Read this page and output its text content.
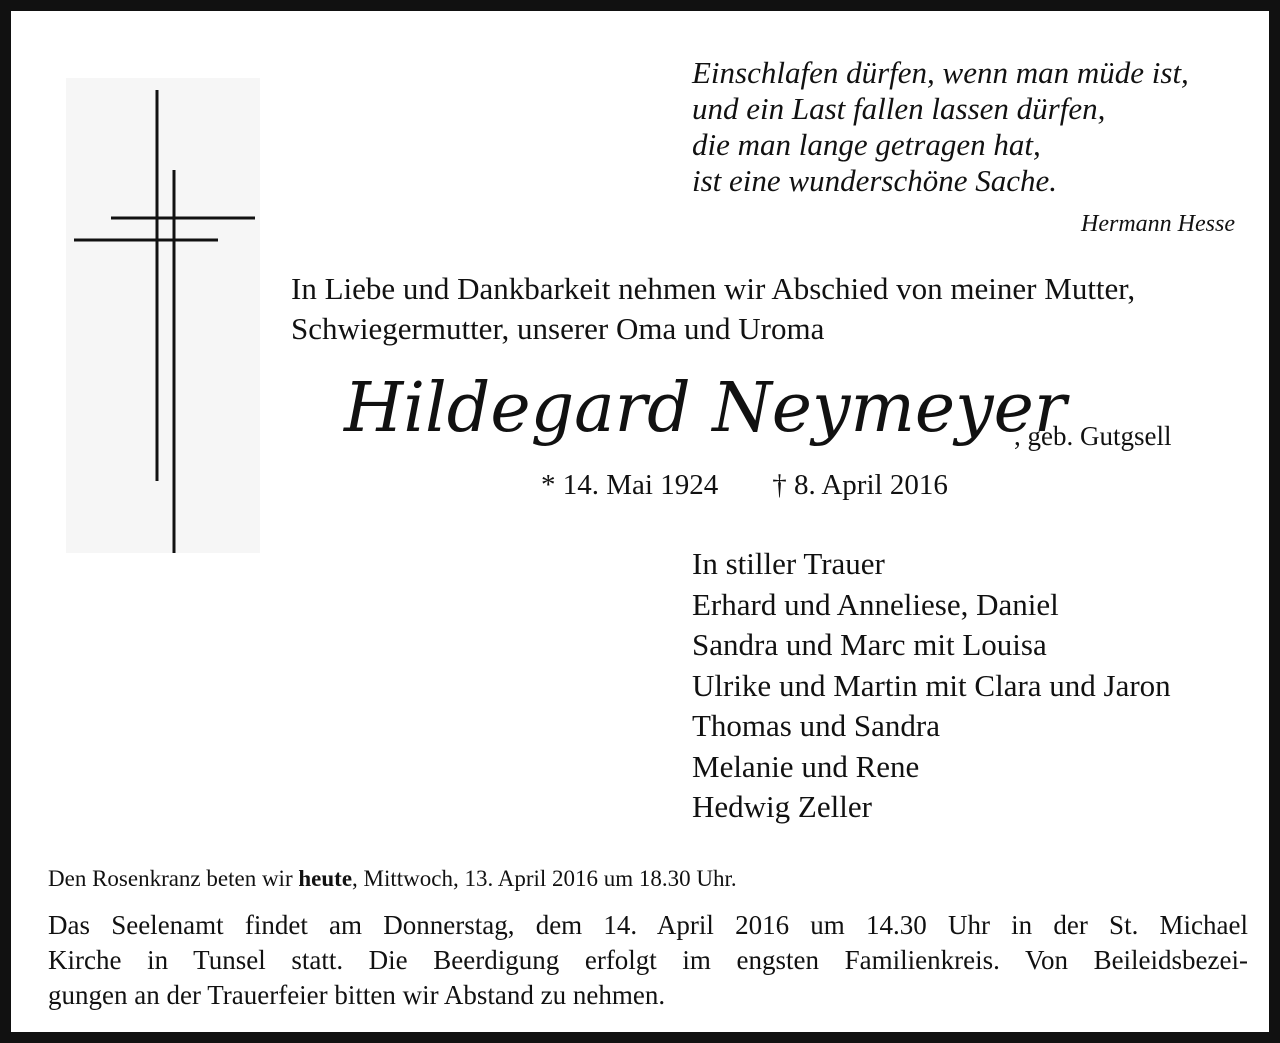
Einschlafen dürfen, wenn man müde ist,
und ein Last fallen lassen dürfen,
die man lange getragen hat,
ist eine wunderschöne Sache.
Hermann Hesse
In Liebe und Dankbarkeit nehmen wir Abschied von meiner Mutter,
Schwiegermutter, unserer Oma und Uroma
Hildegard Neymeyer
, geb. Gutgsell
* 14. Mai 1924 † 8. April 2016
In stiller Trauer
Erhard und Anneliese, Daniel
Sandra und Marc mit Louisa
Ulrike und Martin mit Clara und Jaron
Thomas und Sandra
Melanie und Rene
Hedwig Zeller
Den Rosenkranz beten wir heute, Mittwoch, 13. April 2016 um 18.30 Uhr.
Das Seelenamt findet am Donnerstag, dem 14. April 2016 um 14.30 Uhr in der St. Michael
Kirche in Tunsel statt. Die Beerdigung erfolgt im engsten Familienkreis. Von Beileidsbezei-
gungen an der Trauerfeier bitten wir Abstand zu nehmen.
